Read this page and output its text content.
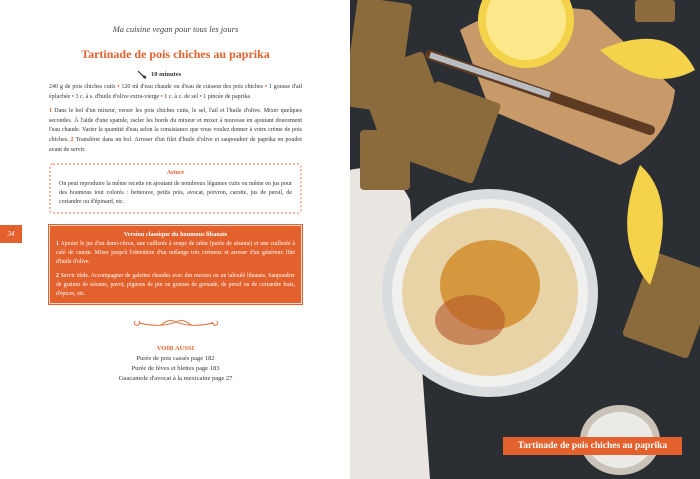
Ma cuisine vegan pour tous les jours
Tartinade de pois chiches au paprika
10 minutes
240 g de pois chiches cuits • 120 ml d'eau chaude ou d'eau de cuisson des pois chiches • 1 gousse d'ail épluchée • 3 c. à s. d'huile d'olive extra-vierge • 1 c. à c. de sel • 1 pincée de paprika
1 Dans le bol d'un mixeur, verser les pois chiches cuits, le sel, l'ail et l'huile d'olive. Mixer quelques secondes. À l'aide d'une spatule, racler les bords du mixeur et mixer à nouveau en ajoutant doucement l'eau chaude. Varier la quantité d'eau selon la consistance que vous voulez donner à votre crème de pois chiches. 2 Transférer dans un bol. Arroser d'un filet d'huile d'olive et saupoudrer de paprika en poudre avant de servir.
Astuce

On peut reproduire la même recette en ajoutant de nombreux légumes cuits ou même en jus pour des houmous tout colorés : betterave, petits pois, avocat, poivron, carotte, jus de persil, de coriandre ou d'épinard, etc.

34	Version classique du houmous libanais

1 Ajouter le jus d'un demi-citron, une cuillerée à soupe de tahin (purée de sésame) et une cuillerée à café de cumin. Mixer jusqu'à l'obtention d'un mélange très crémeux et arroser d'un généreux filet d'huile d'olive.

2 Servir tiède. Accompagner de galettes chaudes avec des mezzes ou un taboulé libanais. Saupoudrer de graines de sésame, pavot, pignons de pin ou graines de grenade, de persil ou de coriandre frais, d'épices, etc.

VOIR AUSSI
Purée de pois cassés page 182
Purée de fèves et blettes page 183
Guacamole d'avocat à la mexicaine page 27
Tartinade de pois chiches au paprika
